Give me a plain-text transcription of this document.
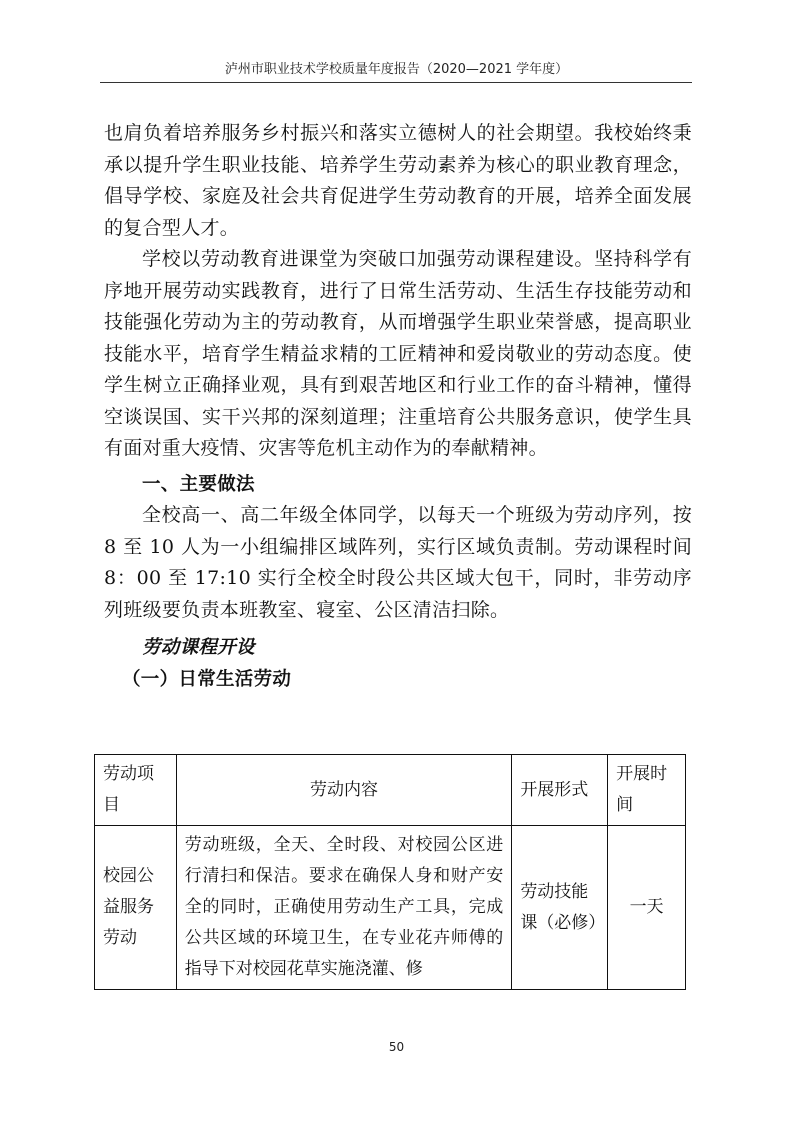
泸州市职业技术学校质量年度报告（2020—2021 学年度）

也肩负着培养服务乡村振兴和落实立德树人的社会期望。我校始终秉承以提升学生职业技能、培养学生劳动素养为核心的职业教育理念，倡导学校、家庭及社会共育促进学生劳动教育的开展，培养全面发展的复合型人才。

学校以劳动教育进课堂为突破口加强劳动课程建设。坚持科学有序地开展劳动实践教育，进行了日常生活劳动、生活生存技能劳动和技能强化劳动为主的劳动教育，从而增强学生职业荣誉感，提高职业技能水平，培育学生精益求精的工匠精神和爱岗敬业的劳动态度。使学生树立正确择业观，具有到艰苦地区和行业工作的奋斗精神，懂得空谈误国、实干兴邦的深刻道理；注重培育公共服务意识，使学生具有面对重大疫情、灾害等危机主动作为的奉献精神。

一、主要做法

全校高一、高二年级全体同学，以每天一个班级为劳动序列，按 8 至 10 人为一小组编排区域阵列，实行区域负责制。劳动课程时间 8：00 至 17:10 实行全校全时段公共区域大包干，同时，非劳动序列班级要负责本班教室、寝室、公区清洁扫除。

劳动课程开设

（一）日常生活劳动

劳动项目	劳动内容	开展形式	开展时间
校园公益服务劳动	劳动班级，全天、全时段、对校园公区进行清扫和保洁。要求在确保人身和财产安全的同时，正确使用劳动生产工具，完成公共区域的环境卫生，在专业花卉师傅的指导下对校园花草实施浇灌、修	劳动技能课（必修）	一天
50
